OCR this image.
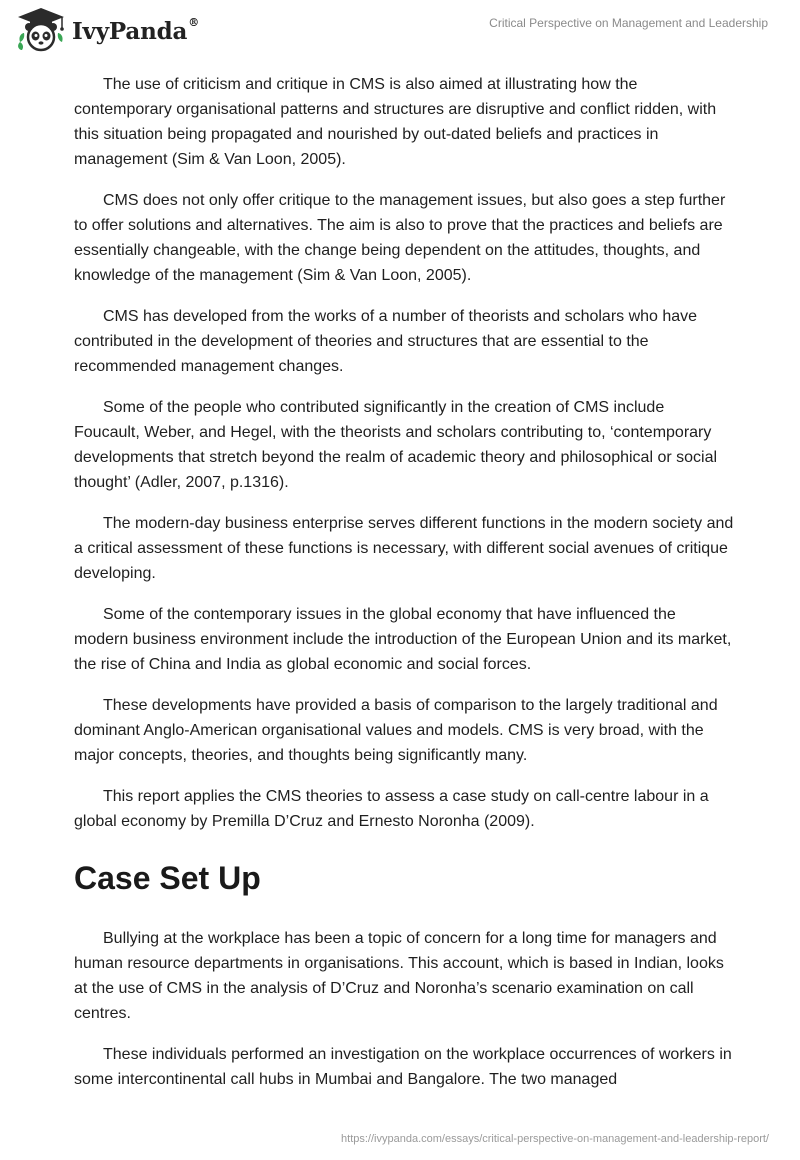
IvyPanda®	Critical Perspective on Management and Leadership

The use of criticism and critique in CMS is also aimed at illustrating how the contemporary organisational patterns and structures are disruptive and conflict ridden, with this situation being propagated and nourished by out-dated beliefs and practices in management (Sim & Van Loon, 2005).

CMS does not only offer critique to the management issues, but also goes a step further to offer solutions and alternatives. The aim is also to prove that the practices and beliefs are essentially changeable, with the change being dependent on the attitudes, thoughts, and knowledge of the management (Sim & Van Loon, 2005).

CMS has developed from the works of a number of theorists and scholars who have contributed in the development of theories and structures that are essential to the recommended management changes.

Some of the people who contributed significantly in the creation of CMS include Foucault, Weber, and Hegel, with the theorists and scholars contributing to, ‘contemporary developments that stretch beyond the realm of academic theory and philosophical or social thought’ (Adler, 2007, p.1316).

The modern-day business enterprise serves different functions in the modern society and a critical assessment of these functions is necessary, with different social avenues of critique developing.

Some of the contemporary issues in the global economy that have influenced the modern business environment include the introduction of the European Union and its market, the rise of China and India as global economic and social forces.

These developments have provided a basis of comparison to the largely traditional and dominant Anglo-American organisational values and models. CMS is very broad, with the major concepts, theories, and thoughts being significantly many.

This report applies the CMS theories to assess a case study on call-centre labour in a global economy by Premilla D’Cruz and Ernesto Noronha (2009).

Case Set Up

Bullying at the workplace has been a topic of concern for a long time for managers and human resource departments in organisations. This account, which is based in Indian, looks at the use of CMS in the analysis of D’Cruz and Noronha’s scenario examination on call centres.

These individuals performed an investigation on the workplace occurrences of workers in some intercontinental call hubs in Mumbai and Bangalore. The two managed

https://ivypanda.com/essays/critical-perspective-on-management-and-leadership-report/
